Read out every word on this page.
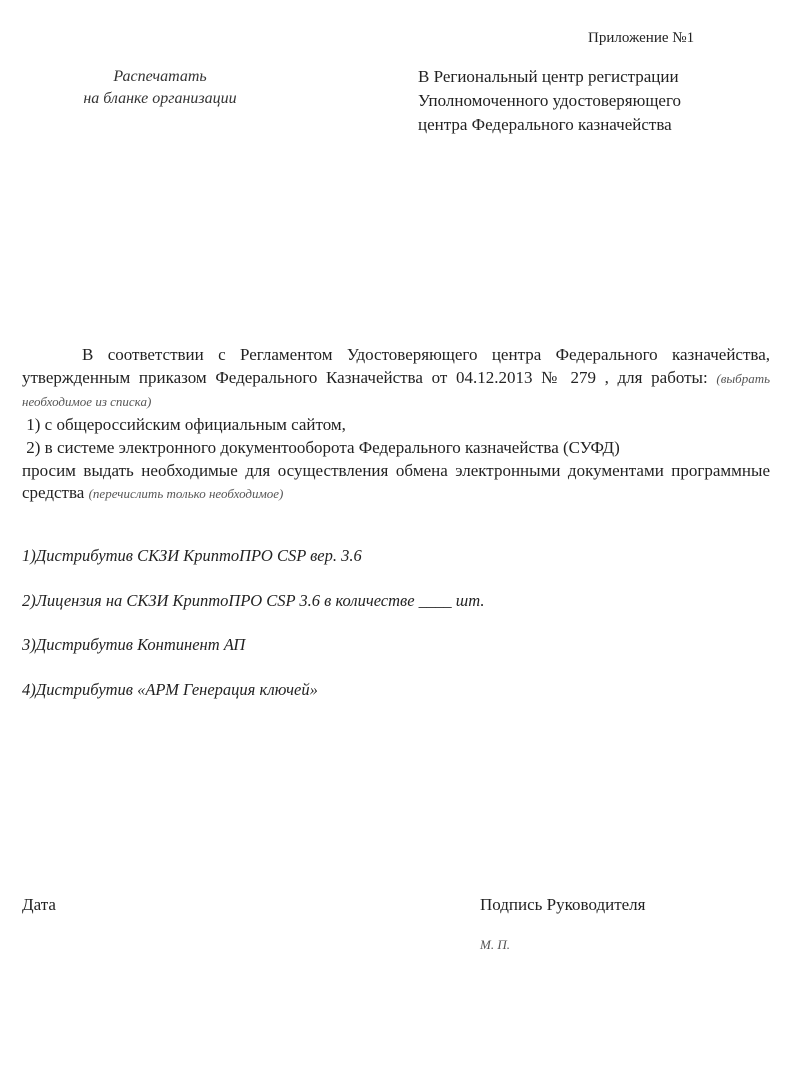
Приложение №1
Распечатать
на бланке организации
В Региональный центр регистрации
Уполномоченного удостоверяющего
центра Федерального казначейства

В соответствии с Регламентом Удостоверяющего центра Федерального казначейства, утвержденным приказом Федерального Казначейства от 04.12.2013 № 279 , для работы: (выбрать необходимое из списка)

1) с общероссийским официальным сайтом,

2) в системе электронного документооборота Федерального казначейства (СУФД)

просим выдать необходимые для осуществления обмена электронными документами программные средства (перечислить только необходимое)

1)Дистрибутив СКЗИ КриптоПРО CSP вер. 3.6
2)Лицензия на СКЗИ КриптоПРО CSP 3.6 в количестве ____ шт.
3)Дистрибутив Континент АП
4)Дистрибутив «АРМ Генерация ключей»
Дата	Подпись Руководителя
М. П.
